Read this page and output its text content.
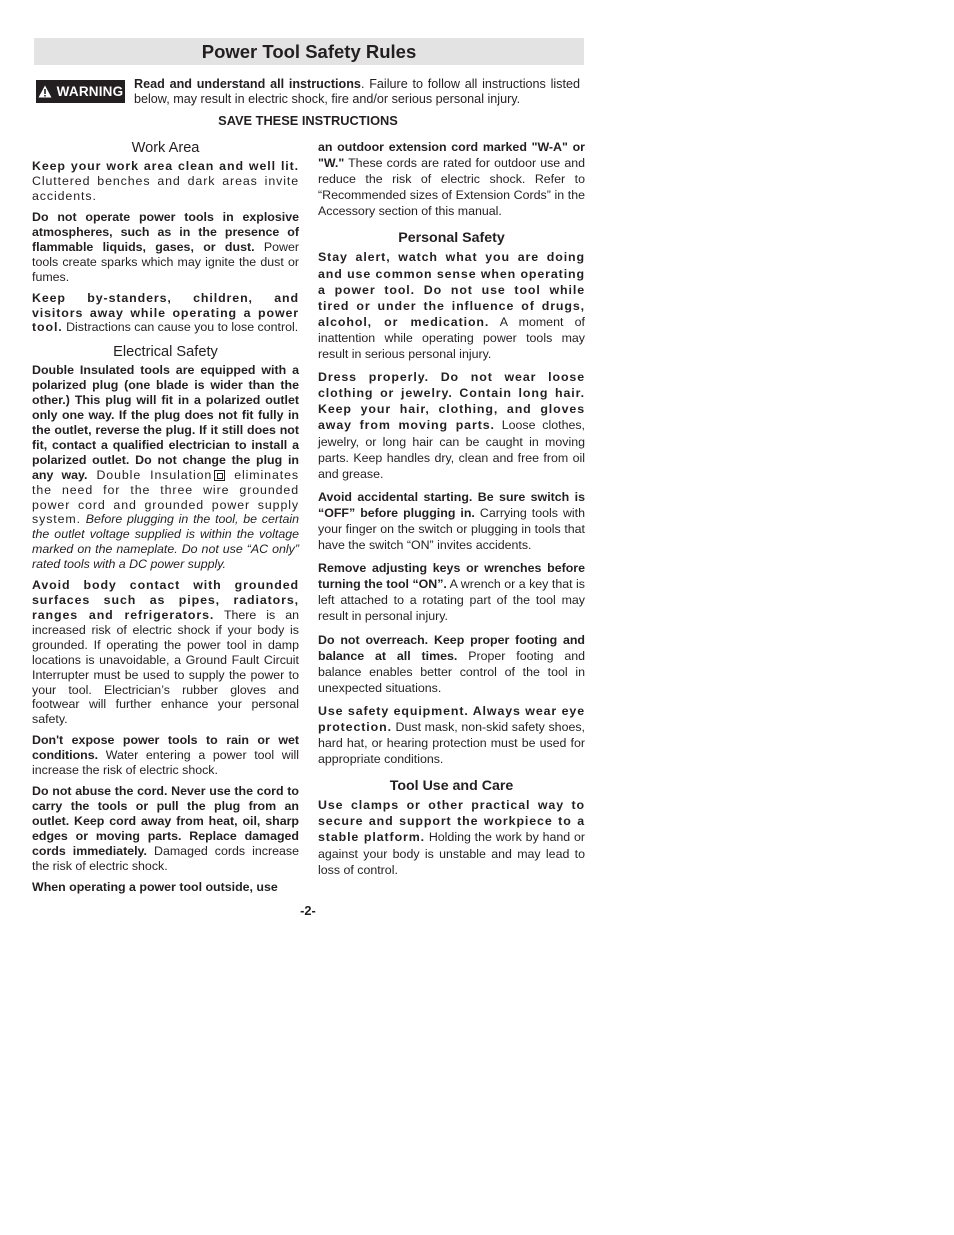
Power Tool Safety Rules
WARNING Read and understand all instructions. Failure to follow all instructions listed below, may result in electric shock, fire and/or serious personal injury.
SAVE THESE INSTRUCTIONS
Work Area

Keep your work area clean and well lit. Cluttered benches and dark areas invite accidents.

Do not operate power tools in explosive atmospheres, such as in the presence of flammable liquids, gases, or dust. Power tools create sparks which may ignite the dust or fumes.

Keep by-standers, children, and visitors away while operating a power tool. Distractions can cause you to lose control.

Electrical Safety

Double Insulated tools are equipped with a polarized plug (one blade is wider than the other.) This plug will fit in a polarized outlet only one way. If the plug does not fit fully in the outlet, reverse the plug. If it still does not fit, contact a qualified electrician to install a polarized outlet. Do not change the plug in any way. Double Insulation eliminates the need for the three wire grounded power cord and grounded power supply system. Before plugging in the tool, be certain the outlet voltage supplied is within the voltage marked on the nameplate. Do not use “AC only” rated tools with a DC power supply.

Avoid body contact with grounded surfaces such as pipes, radiators, ranges and refrigerators. There is an increased risk of electric shock if your body is grounded. If operating the power tool in damp locations is unavoidable, a Ground Fault Circuit Interrupter must be used to supply the power to your tool. Electrician’s rubber gloves and footwear will further enhance your personal safety.

Don't expose power tools to rain or wet conditions. Water entering a power tool will increase the risk of electric shock.

Do not abuse the cord. Never use the cord to carry the tools or pull the plug from an outlet. Keep cord away from heat, oil, sharp edges or moving parts. Replace damaged cords immediately. Damaged cords increase the risk of electric shock.

When operating a power tool outside, use

an outdoor extension cord marked "W-A" or "W." These cords are rated for outdoor use and reduce the risk of electric shock. Refer to “Recommended sizes of Extension Cords” in the Accessory section of this manual.

Personal Safety

Stay alert, watch what you are doing and use common sense when operating a power tool. Do not use tool while tired or under the influence of drugs, alcohol, or medication. A moment of inattention while operating power tools may result in serious personal injury.

Dress properly. Do not wear loose clothing or jewelry. Contain long hair. Keep your hair, clothing, and gloves away from moving parts. Loose clothes, jewelry, or long hair can be caught in moving parts. Keep handles dry, clean and free from oil and grease.

Avoid accidental starting. Be sure switch is “OFF” before plugging in. Carrying tools with your finger on the switch or plugging in tools that have the switch “ON” invites accidents.

Remove adjusting keys or wrenches before turning the tool “ON”. A wrench or a key that is left attached to a rotating part of the tool may result in personal injury.

Do not overreach. Keep proper footing and balance at all times. Proper footing and balance enables better control of the tool in unexpected situations.

Use safety equipment. Always wear eye protection. Dust mask, non-skid safety shoes, hard hat, or hearing protection must be used for appropriate conditions.

Tool Use and Care

Use clamps or other practical way to secure and support the workpiece to a stable platform. Holding the work by hand or against your body is unstable and may lead to loss of control.

-2-
